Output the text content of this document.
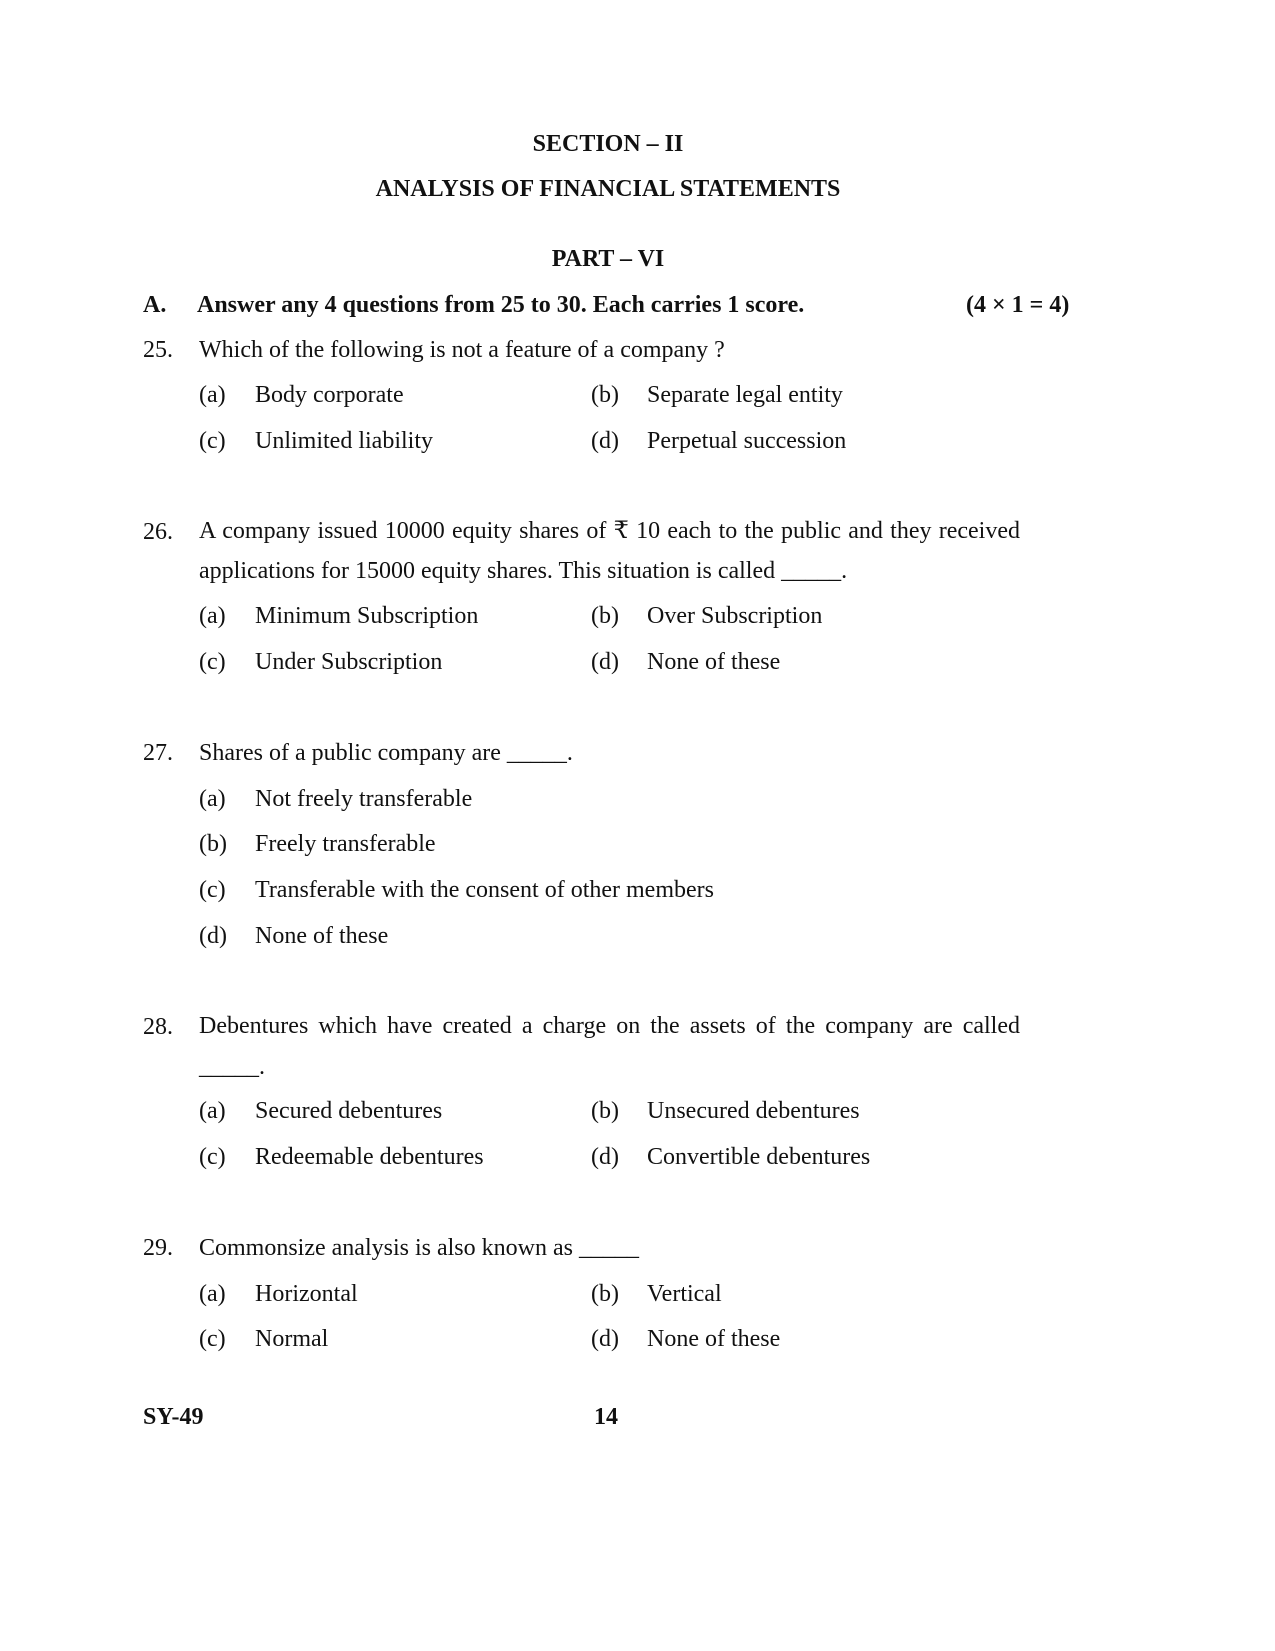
SECTION – II
ANALYSIS OF FINANCIAL STATEMENTS
PART – VI
A. Answer any 4 questions from 25 to 30. Each carries 1 score.	(4 × 1 = 4)
25. Which of the following is not a feature of a company ?
(a) Body corporate	(b) Separate legal entity
(c) Unlimited liability	(d) Perpetual succession
26. A company issued 10000 equity shares of ₹ 10 each to the public and they received
applications for 15000 equity shares. This situation is called _____.
(a) Minimum Subscription	(b) Over Subscription
(c) Under Subscription	(d) None of these
27. Shares of a public company are _____.
(a) Not freely transferable
(b) Freely transferable
(c) Transferable with the consent of other members
(d) None of these
28. Debentures which have created a charge on the assets of the company are called
_____.
(a) Secured debentures	(b) Unsecured debentures
(c) Redeemable debentures	(d) Convertible debentures
29. Commonsize analysis is also known as _____
(a) Horizontal	(b) Vertical
(c) Normal	(d) None of these
SY-49	14
